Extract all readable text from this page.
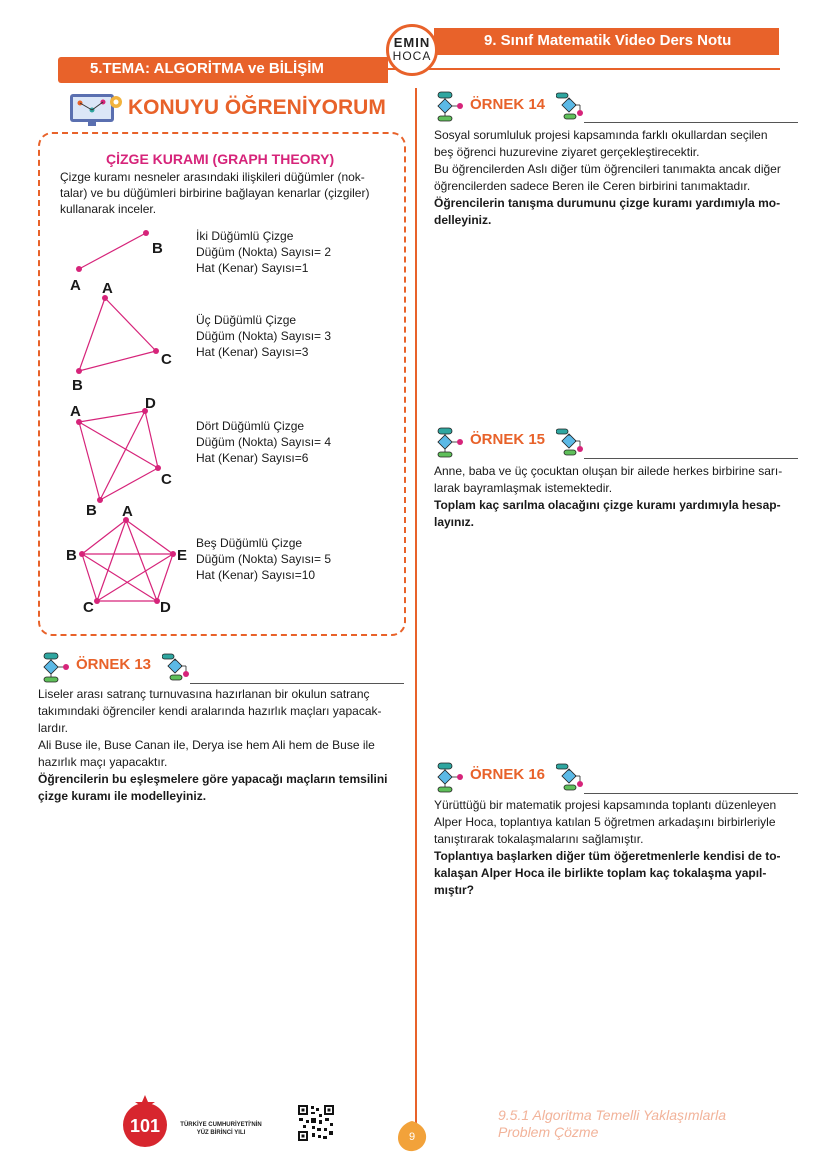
5.TEMA: ALGORİTMA ve BİLİŞİM
9. Sınıf Matematik Video Ders Notu
EMIN
HOCA
KONUYU ÖĞRENİYORUM
ÇİZGE KURAMI (GRAPH THEORY)
Çizge kuramı nesneler arasındaki ilişkileri düğümler (nok-
talar) ve bu düğümleri birbirine bağlayan kenarlar (çizgiler)
kullanarak inceler.
A
B
A
B
C
A
B
C
D
A
B
C	D
E
İki Düğümlü Çizge
Düğüm (Nokta) Sayısı= 2
Hat (Kenar) Sayısı=1
Üç Düğümlü Çizge
Düğüm (Nokta) Sayısı= 3
Hat (Kenar) Sayısı=3
Dört Düğümlü Çizge
Düğüm (Nokta) Sayısı= 4
Hat (Kenar) Sayısı=6
Beş Düğümlü Çizge
Düğüm (Nokta) Sayısı= 5
Hat (Kenar) Sayısı=10
ÖRNEK 13

Liseler arası satranç turnuvasına hazırlanan bir okulun satranç

takımındaki öğrenciler kendi aralarında hazırlık maçları yapacak-

lardır.

Ali Buse ile, Buse Canan ile, Derya ise hem Ali hem de Buse ile

hazırlık maçı yapacaktır.

Öğrencilerin bu eşleşmelere göre yapacağı maçların temsilini

çizge kuramı ile modelleyiniz.

ÖRNEK 14

Sosyal sorumluluk projesi kapsamında farklı okullardan seçilen

beş öğrenci huzurevine ziyaret gerçekleştirecektir.

Bu öğrencilerden Aslı diğer tüm öğrencileri tanımakta ancak diğer

öğrencilerden sadece Beren ile Ceren birbirini tanımaktadır.

Öğrencilerin tanışma durumunu çizge kuramı yardımıyla mo-

delleyiniz.

ÖRNEK 15

Anne, baba ve üç çocuktan oluşan bir ailede herkes birbirine sarı-

larak bayramlaşmak istemektedir.

Toplam kaç sarılma olacağını çizge kuramı yardımıyla hesap-

layınız.

ÖRNEK 16

Yürüttüğü bir matematik projesi kapsamında toplantı düzenleyen

Alper Hoca, toplantıya katılan 5 öğretmen arkadaşını birbirleriyle

tanıştırarak tokalaşmalarını sağlamıştır.

Toplantıya başlarken diğer tüm öğeretmenlerle kendisi de to-

kalaşan Alper Hoca ile birlikte toplam kaç tokalaşma yapıl-

mıştır?

101	TÜRKİYE CUMHURİYETİ'NİN
YÜZ BİRİNCİ YILI	9
9.5.1 Algoritma Temelli Yaklaşımlarla
Problem Çözme
